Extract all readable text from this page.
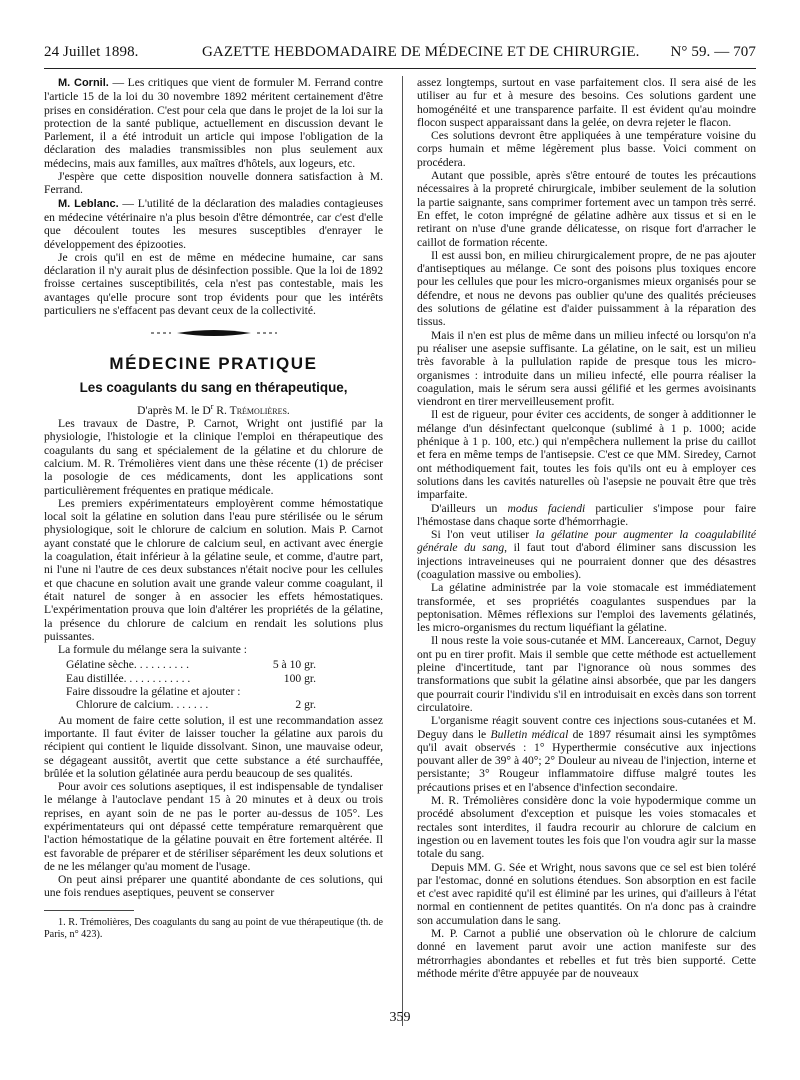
24 Juillet 1898.	GAZETTE HEBDOMADAIRE DE MÉDECINE ET DE CHIRURGIE. N° 59. — 707

M. Cornil. — Les critiques que vient de formuler M. Ferrand contre l'article 15 de la loi du 30 novembre 1892 méritent certainement d'être prises en considération. C'est pour cela que dans le projet de la loi sur la protection de la santé publique, actuellement en discussion devant le Parlement, il a été introduit un article qui impose l'obligation de la déclaration des maladies transmissibles non plus seulement aux médecins, mais aux familles, aux maîtres d'hôtels, aux logeurs, etc.

J'espère que cette disposition nouvelle donnera satisfaction à M. Ferrand.

M. Leblanc. — L'utilité de la déclaration des maladies contagieuses en médecine vétérinaire n'a plus besoin d'être démontrée, car c'est d'elle que découlent toutes les mesures susceptibles d'enrayer le développement des épizooties.

Je crois qu'il en est de même en médecine humaine, car sans déclaration il n'y aurait plus de désinfection possible. Que la loi de 1892 froisse certaines susceptibilités, cela n'est pas contestable, mais les avantages qu'elle procure sont trop évidents pour que les intérêts particuliers ne s'effacent pas devant ceux de la collectivité.

MÉDECINE PRATIQUE
Les coagulants du sang en thérapeutique,

D'après M. le $D^r$ R. Trémolières.

Les travaux de Dastre, P. Carnot, Wright ont justifié par la physiologie, l'histologie et la clinique l'emploi en thérapeutique des coagulants du sang et spécialement de la gélatine et du chlorure de calcium. M. R. Trémolières vient dans une thèse récente (1) de préciser la posologie de ces médicaments, dont les applications sont particulièrement fréquentes en pratique médicale.

Les premiers expérimentateurs employèrent comme hémostatique local soit la gélatine en solution dans l'eau pure stérilisée ou le sérum physiologique, soit le chlorure de calcium en solution. Mais P. Carnot ayant constaté que le chlorure de calcium seul, en activant avec énergie la coagulation, était inférieur à la gélatine seule, et comme, d'autre part, ni l'une ni l'autre de ces deux substances n'était nocive pour les cellules et que chacune en solution avait une grande valeur comme coagulant, il était naturel de songer à en associer les effets hémostatiques. L'expérimentation prouva que loin d'altérer les propriétés de la gélatine, la présence du chlorure de calcium en rendait les solutions plus puissantes.

La formule du mélange sera la suivante :

Gélatine sèche. . . . . . . . . .	5 à 10 gr.
Eau distillée. . . . . . . . . . . .	100 gr.
Faire dissoudre la gélatine et ajouter :
Chlorure de calcium. . . . . . .	2 gr.

Au moment de faire cette solution, il est une recommandation assez importante. Il faut éviter de laisser toucher la gélatine aux parois du récipient qui contient le liquide dissolvant. Sinon, une mauvaise odeur, se dégageant aussitôt, avertit que cette substance a été surchauffée, brûlée et la solution gélatinée aura perdu beaucoup de ses qualités.

Pour avoir ces solutions aseptiques, il est indispensable de tyndaliser le mélange à l'autoclave pendant 15 à 20 minutes et à deux ou trois reprises, en ayant soin de ne pas le porter au-dessus de 105°. Les expérimentateurs qui ont dépassé cette température remarquèrent que l'action hémostatique de la gélatine pouvait en être fortement altérée. Il est favorable de préparer et de stériliser séparément les deux solutions et de ne les mélanger qu'au moment de l'usage.

On peut ainsi préparer une quantité abondante de ces solutions, qui une fois rendues aseptiques, peuvent se conserver

1. R. Trémolières, Des coagulants du sang au point de vue thérapeutique (th. de Paris, n° 423).

assez longtemps, surtout en vase parfaitement clos. Il sera aisé de les utiliser au fur et à mesure des besoins. Ces solutions gardent une homogénéité et une transparence parfaite. Il est évident qu'au moindre flocon suspect apparaissant dans la gelée, on devra rejeter le flacon.

Ces solutions devront être appliquées à une température voisine du corps humain et même légèrement plus basse. Voici comment on procédera.

Autant que possible, après s'être entouré de toutes les précautions nécessaires à la propreté chirurgicale, imbiber seulement de la solution la partie saignante, sans comprimer fortement avec un tampon très serré. En effet, le coton imprégné de gélatine adhère aux tissus et si en le retirant on n'use d'une grande délicatesse, on risque fort d'arracher le caillot de formation récente.

Il est aussi bon, en milieu chirurgicalement propre, de ne pas ajouter d'antiseptiques au mélange. Ce sont des poisons plus toxiques encore pour les cellules que pour les micro-organismes mieux organisés pour se défendre, et nous ne devons pas oublier qu'une des qualités précieuses des solutions de gélatine est d'aider puissamment à la réparation des tissus.

Mais il n'en est plus de même dans un milieu infecté ou lorsqu'on n'a pu réaliser une asepsie suffisante. La gélatine, on le sait, est un milieu très favorable à la pullulation rapide de presque tous les micro-organismes : introduite dans un milieu infecté, elle pourra réaliser la coagulation, mais le sérum sera aussi gélifié et les germes avoisinants viendront en tirer merveilleusement profit.

Il est de rigueur, pour éviter ces accidents, de songer à additionner le mélange d'un désinfectant quelconque (sublimé à 1 p. 1000; acide phénique à 1 p. 100, etc.) qui n'empêchera nullement la prise du caillot et fera en même temps de l'antisepsie. C'est ce que MM. Siredey, Carnot ont méthodiquement fait, toutes les fois qu'ils ont eu à employer ces solutions dans les cavités naturelles où l'asepsie ne pouvait être que très imparfaite.

D'ailleurs un modus faciendi particulier s'impose pour faire l'hémostase dans chaque sorte d'hémorrhagie.

Si l'on veut utiliser la gélatine pour augmenter la coagulabilité générale du sang, il faut tout d'abord éliminer sans discussion les injections intraveineuses qui ne pourraient donner que des désastres (coagulation massive ou embolies).

La gélatine administrée par la voie stomacale est immédiatement transformée, et ses propriétés coagulantes suspendues par la peptonisation. Mêmes réflexions sur l'emploi des lavements gélatinés, les micro-organismes du rectum liquéfiant la gélatine.

Il nous reste la voie sous-cutanée et MM. Lancereaux, Carnot, Deguy ont pu en tirer profit. Mais il semble que cette méthode est actuellement pleine d'incertitude, tant par l'ignorance où nous sommes des transformations que subit la gélatine ainsi absorbée, que par les dangers que pourrait courir l'individu s'il en introduisait en excès dans son torrent circulatoire.

L'organisme réagit souvent contre ces injections sous-cutanées et M. Deguy dans le Bulletin médical de 1897 résumait ainsi les symptômes qu'il avait observés : 1° Hyperthermie consécutive aux injections pouvant aller de 39° à 40°; 2° Douleur au niveau de l'injection, interne et persistante; 3° Rougeur inflammatoire diffuse malgré toutes les précautions prises et en l'absence d'infection secondaire.

M. R. Trémolières considère donc la voie hypodermique comme un procédé absolument d'exception et puisque les voies stomacales et rectales sont interdites, il faudra recourir au chlorure de calcium en ingestion ou en lavement toutes les fois que l'on voudra agir sur la masse totale du sang.

Depuis MM. G. Sée et Wright, nous savons que ce sel est bien toléré par l'estomac, donné en solutions étendues. Son absorption en est facile et c'est avec rapidité qu'il est éliminé par les urines, qui d'ailleurs à l'état normal en contiennent de petites quantités. On n'a donc pas à craindre son accumulation dans le sang.

M. P. Carnot a publié une observation où le chlorure de calcium donné en lavement parut avoir une action manifeste sur des métrorrhagies abondantes et rebelles et fut très bien supporté. Cette méthode mérite d'être appuyée par de nouveaux

359
